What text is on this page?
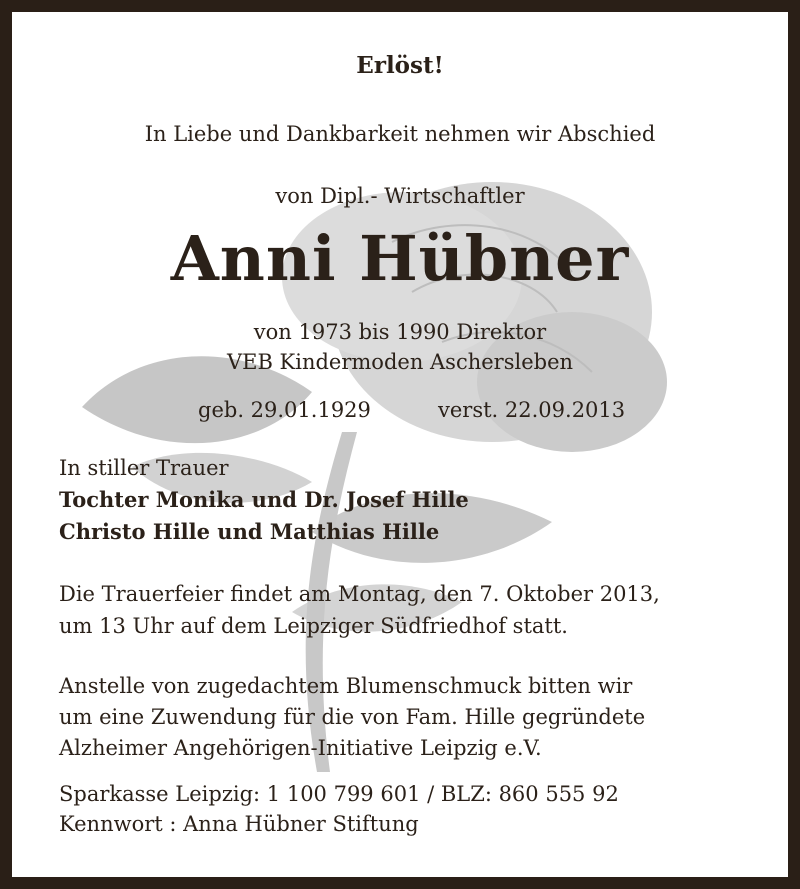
Erlöst!
In Liebe und Dankbarkeit nehmen wir Abschied
von Dipl.- Wirtschaftler
Anni Hübner
von 1973 bis 1990 Direktor
VEB Kindermoden Aschersleben
geb. 29.01.1929	verst. 22.09.2013
In stiller Trauer
Tochter Monika und Dr. Josef Hille
Christo Hille und Matthias Hille
Die Trauerfeier findet am Montag, den 7. Oktober 2013,
um 13 Uhr auf dem Leipziger Südfriedhof statt.
Anstelle von zugedachtem Blumenschmuck bitten wir
um eine Zuwendung für die von Fam. Hille gegründete
Alzheimer Angehörigen-Initiative Leipzig e.V.
Sparkasse Leipzig: 1 100 799 601 / BLZ: 860 555 92
Kennwort : Anna Hübner Stiftung
